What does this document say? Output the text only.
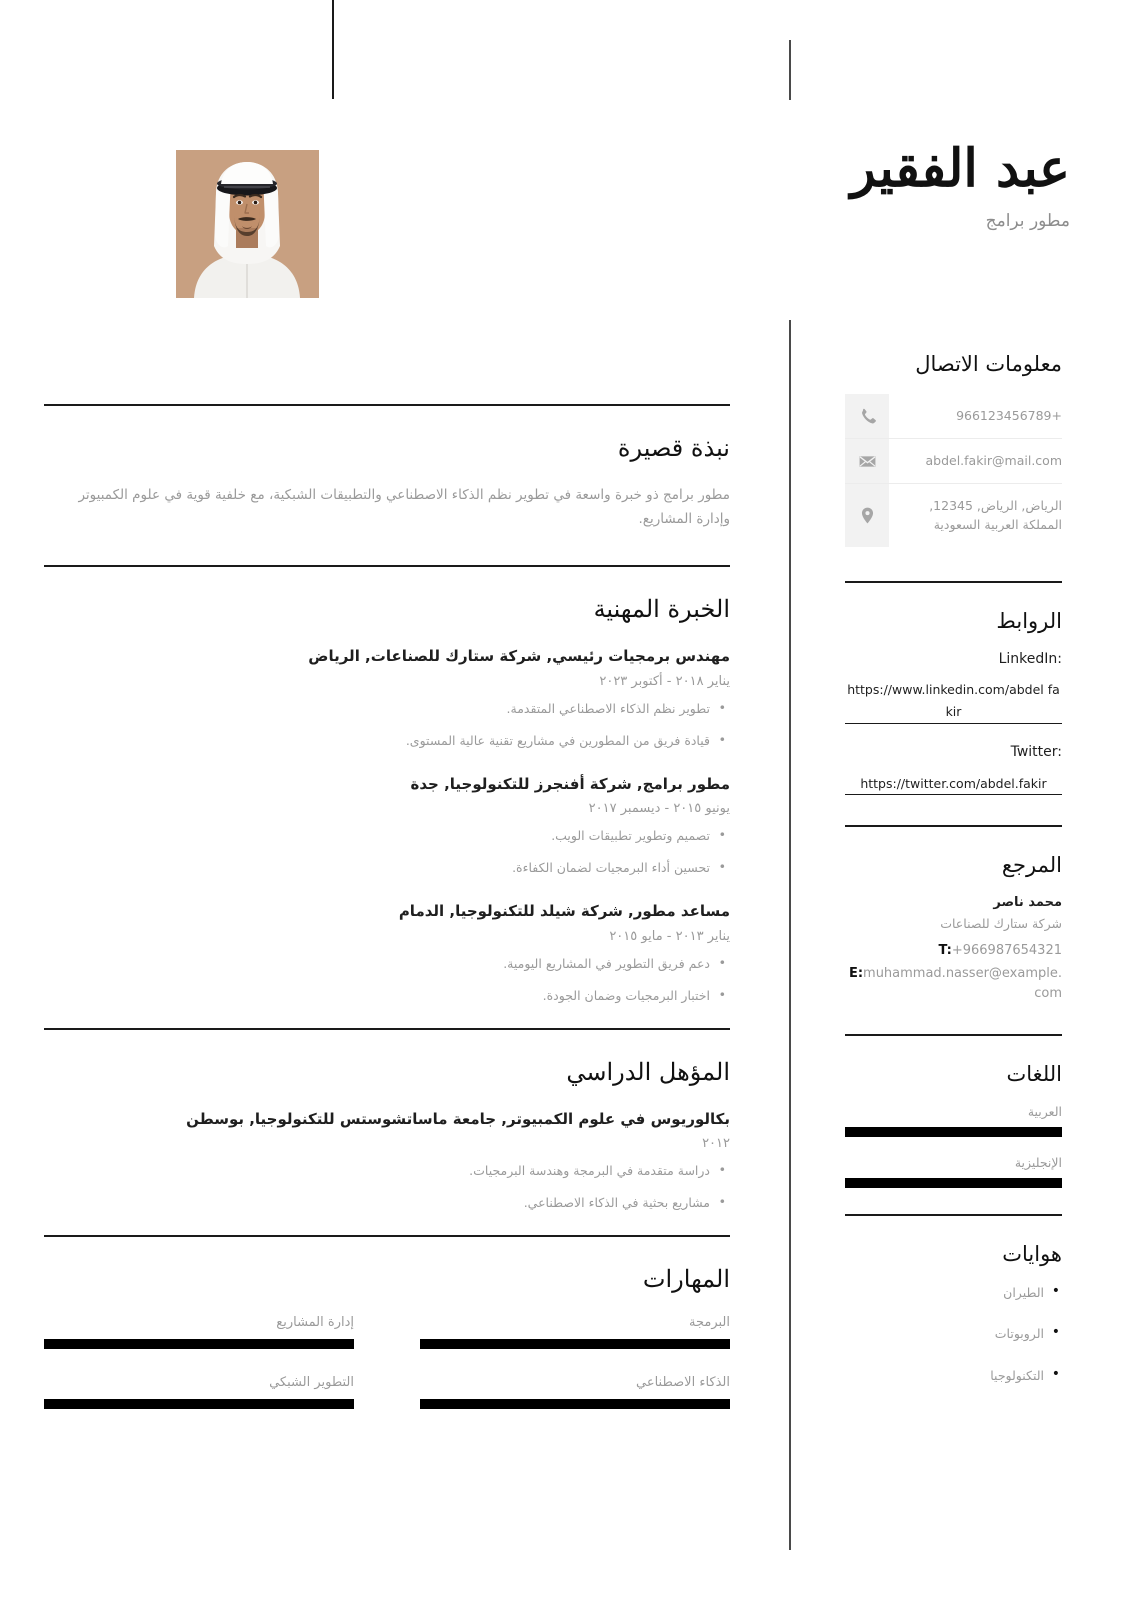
عبد الفقير

مطور برامج

نبذة قصيرة

مطور برامج ذو خبرة واسعة في تطوير نظم الذكاء الاصطناعي والتطبيقات الشبكية، مع خلفية قوية في علوم الكمبيوتر وإدارة المشاريع.

الخبرة المهنية

مهندس برمجيات رئيسي, شركة ستارك للصناعات, الرياض

يناير ٢٠١٨ - أكتوبر ٢٠٢٣

• تطوير نظم الذكاء الاصطناعي المتقدمة.
• قيادة فريق من المطورين في مشاريع تقنية عالية المستوى.

مطور برامج, شركة أفنجرز للتكنولوجيا, جدة

يونيو ٢٠١٥ - ديسمبر ٢٠١٧

• تصميم وتطوير تطبيقات الويب.
• تحسين أداء البرمجيات لضمان الكفاءة.

مساعد مطور, شركة شيلد للتكنولوجيا, الدمام

يناير ٢٠١٣ - مايو ٢٠١٥

• دعم فريق التطوير في المشاريع اليومية.
• اختبار البرمجيات وضمان الجودة.
المؤهل الدراسي

بكالوريوس في علوم الكمبيوتر, جامعة ماساتشوستس للتكنولوجيا, بوسطن

٢٠١٢

• دراسة متقدمة في البرمجة وهندسة البرمجيات.
• مشاريع بحثية في الذكاء الاصطناعي.
المهارات

البرمجة

إدارة المشاريع

الذكاء الاصطناعي

التطوير الشبكي

معلومات الاتصال
+966123456789
abdel.fakir@mail.com
الرياض, الرياض, 12345, المملكة العربية السعودية
الروابط

LinkedIn:

https://www.linkedin.com/abdel fakir

Twitter:

https://twitter.com/abdel.fakir

المرجع

محمد ناصر

شركة ستارك للصناعات

T:+966987654321

E:muhammad.nasser@example.com

اللغات

العربية

الإنجليزية

هوايات
• الطيران
• الروبوتات
• التكنولوجيا
